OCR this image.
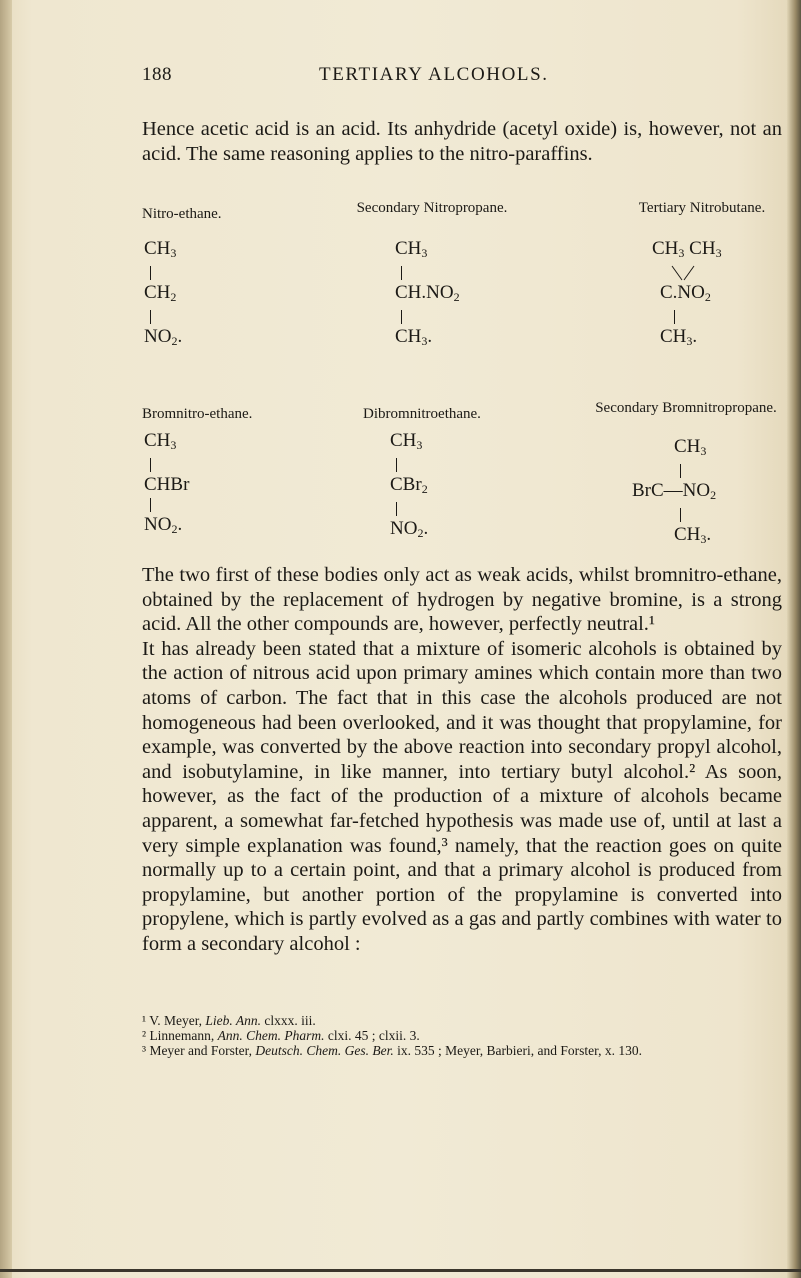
188	TERTIARY ALCOHOLS.
Hence acetic acid is an acid. Its anhydride (acetyl oxide) is, however, not an acid. The same reasoning applies to the nitro-paraffins.
Nitro-ethane.
$CH_3$
$CH_2$
$NO_2$.
Secondary Nitropropane.
$CH_3$
$CH.NO_2$
$CH_3$.
Tertiary Nitrobutane.
$CH_3$ $CH_3$
$C.NO_2$
$CH_3$.
Bromnitro-ethane.
$CH_3$
CHBr
$NO_2$.
Dibromnitroethane.
$CH_3$
CBr$_2$
$NO_2$.
Secondary Bromnitropropane.
$CH_3$
$BrC—NO_2$
$CH_3$.
The two first of these bodies only act as weak acids, whilst bromnitro-ethane, obtained by the replacement of hydrogen by negative bromine, is a strong acid. All the other compounds are, however, perfectly neutral.¹
It has already been stated that a mixture of isomeric alcohols is obtained by the action of nitrous acid upon primary amines which contain more than two atoms of carbon. The fact that in this case the alcohols produced are not homogeneous had been overlooked, and it was thought that propylamine, for example, was converted by the above reaction into secondary propyl alcohol, and isobutylamine, in like manner, into tertiary butyl alcohol.² As soon, however, as the fact of the production of a mixture of alcohols became apparent, a somewhat far-fetched hypothesis was made use of, until at last a very simple explanation was found,³ namely, that the reaction goes on quite normally up to a certain point, and that a primary alcohol is produced from propylamine, but another portion of the propylamine is converted into propylene, which is partly evolved as a gas and partly combines with water to form a secondary alcohol :
¹ V. Meyer, Lieb. Ann. clxxx. iii.
² Linnemann, Ann. Chem. Pharm. clxi. 45 ; clxii. 3.
³ Meyer and Forster, Deutsch. Chem. Ges. Ber. ix. 535 ; Meyer, Barbieri, and Forster, x. 130.
